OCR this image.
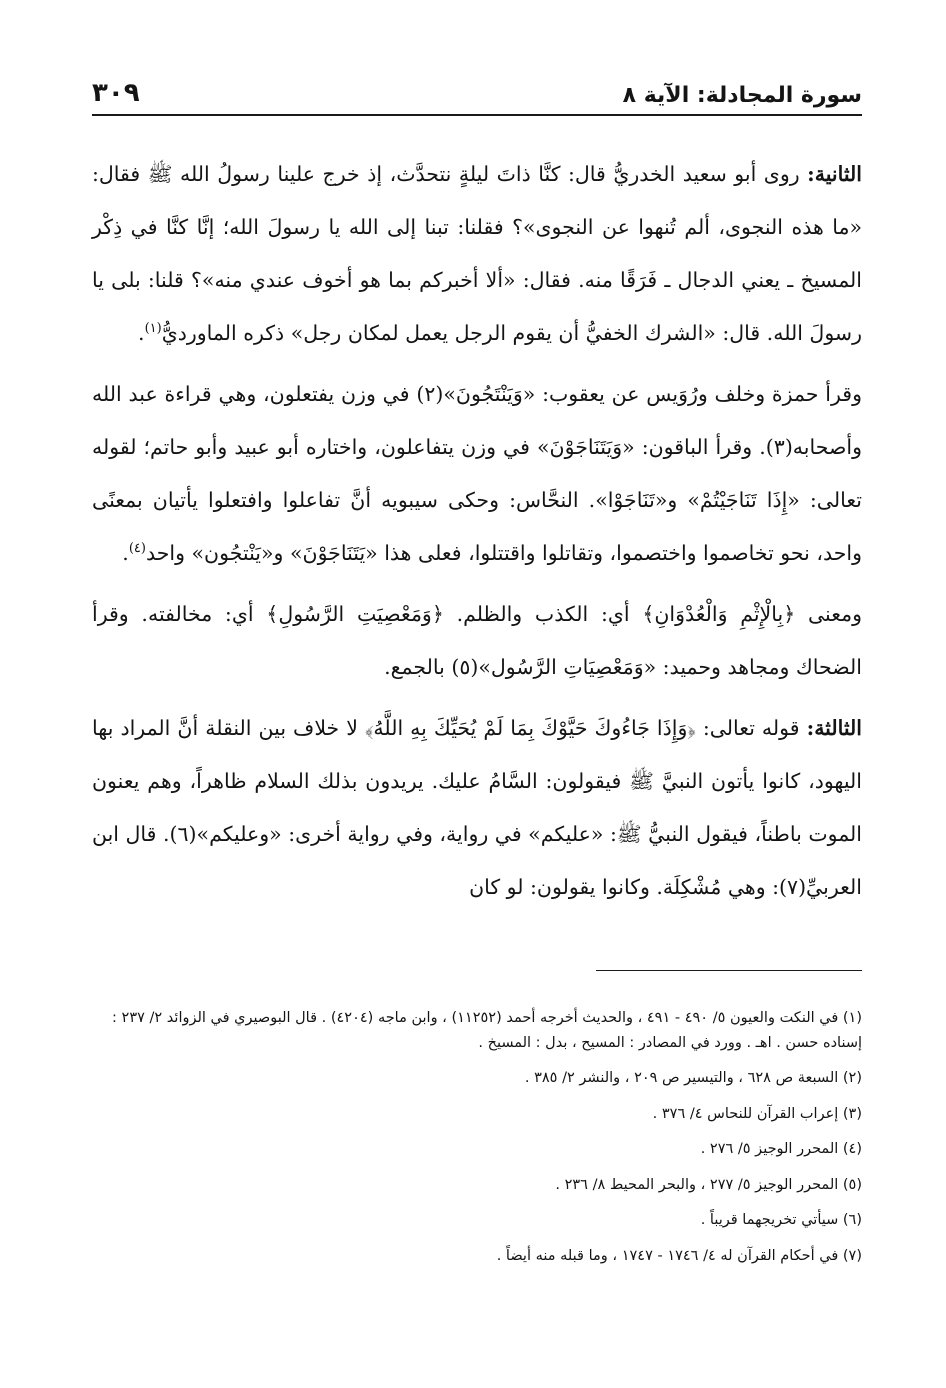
سورة المجادلة: الآية ٨
٣٠٩

الثانية: روى أبو سعيد الخدريُّ قال: كنَّا ذاتَ ليلةٍ نتحدَّث، إذ خرج علينا رسولُ الله ﷺ فقال: «ما هذه النجوى، ألم تُنهوا عن النجوى»؟ فقلنا: تبنا إلى الله يا رسولَ الله؛ إنَّا كنَّا في ذِكْر المسيخ ـ يعني الدجال ـ فَرَقًا منه. فقال: «ألا أخبركم بما هو أخوف عندي منه»؟ قلنا: بلى يا رسولَ الله. قال: «الشرك الخفيُّ أن يقوم الرجل يعمل لمكان رجل» ذكره الماورديُّ$^{(١)}$.

وقرأ حمزة وخلف ورُوَيس عن يعقوب: «وَيَنْتَجُونَ»(٢) في وزن يفتعلون، وهي قراءة عبد الله وأصحابه(٣). وقرأ الباقون: «وَيَتَنَاجَوْنَ» في وزن يتفاعلون، واختاره أبو عبيد وأبو حاتم؛ لقوله تعالى: «إِذَا تَنَاجَيْتُمْ» و«تَنَاجَوْا». النحَّاس: وحكى سيبويه أنَّ تفاعلوا وافتعلوا يأتيان بمعنًى واحد، نحو تخاصموا واختصموا، وتقاتلوا واقتتلوا، فعلى هذا «يَتَنَاجَوْنَ» و«يَنْتجُون» واحد$^{(٤)}$.

ومعنى ﴿بِالْإِثْمِ وَالْعُدْوَانِ﴾ أي: الكذب والظلم. ﴿وَمَعْصِيَتِ الرَّسُولِ﴾ أي: مخالفته. وقرأ الضحاك ومجاهد وحميد: «وَمَعْصِيَاتِ الرَّسُول»(٥) بالجمع.

الثالثة: قوله تعالى: ﴿وَإِذَا جَاءُوكَ حَيَّوْكَ بِمَا لَمْ يُحَيِّكَ بِهِ اللَّهُ﴾ لا خلاف بين النقلة أنَّ المراد بها اليهود، كانوا يأتون النبيَّ ﷺ فيقولون: السَّامُ عليك. يريدون بذلك السلام ظاهراً، وهم يعنون الموت باطناً، فيقول النبيُّ ﷺ: «عليكم» في رواية، وفي رواية أخرى: «وعليكم»(٦). قال ابن العربيِّ(٧): وهي مُشْكِلَة. وكانوا يقولون: لو كان

(١) في النكت والعيون ٥/ ٤٩٠ - ٤٩١ ، والحديث أخرجه أحمد (١١٢٥٢) ، وابن ماجه (٤٢٠٤) . قال البوصيري في الزوائد ٢/ ٢٣٧ : إسناده حسن . اهـ . وورد في المصادر : المسيح ، بدل : المسيخ .
(٢) السبعة ص ٦٢٨ ، والتيسير ص ٢٠٩ ، والنشر ٢/ ٣٨٥ .
(٣) إعراب القرآن للنحاس ٤/ ٣٧٦ .
(٤) المحرر الوجيز ٥/ ٢٧٦ .
(٥) المحرر الوجيز ٥/ ٢٧٧ ، والبحر المحيط ٨/ ٢٣٦ .
(٦) سيأتي تخريجهما قريباً .
(٧) في أحكام القرآن له ٤/ ١٧٤٦ - ١٧٤٧ ، وما قبله منه أيضاً .
